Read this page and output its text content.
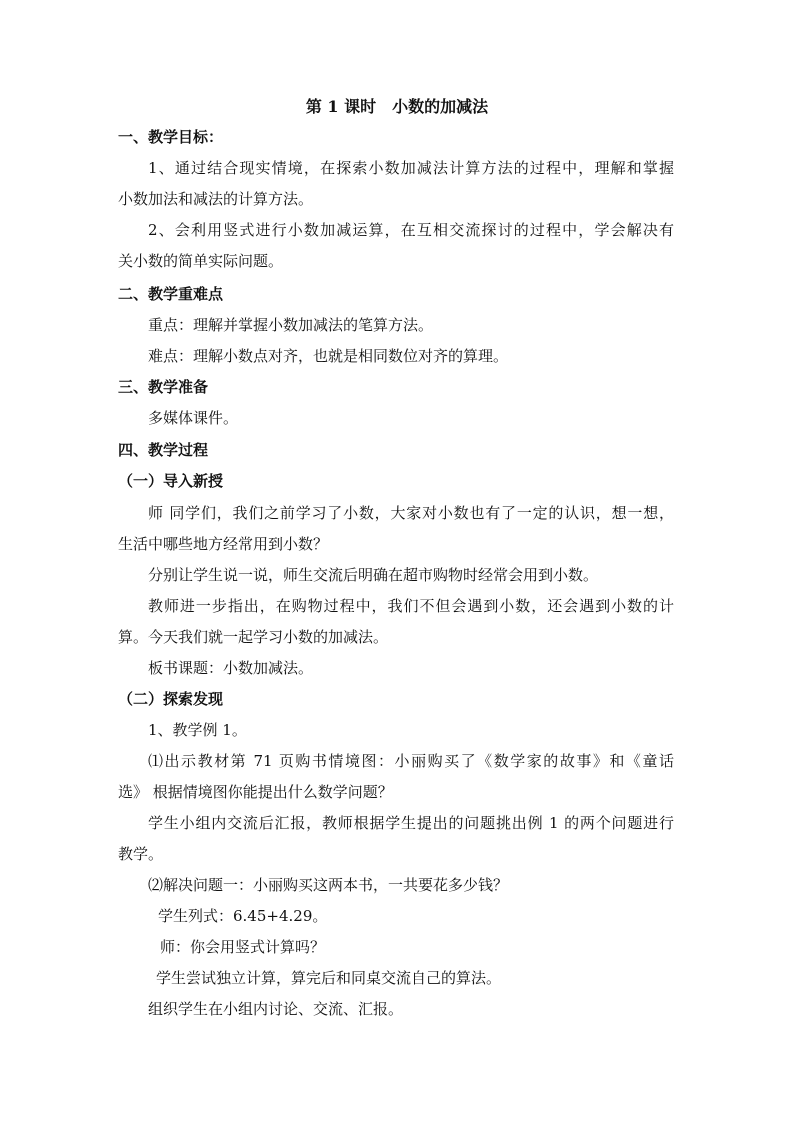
第 1 课时　小数的加减法
一、教学目标：
1、通过结合现实情境，在探索小数加减法计算方法的过程中，理解和掌握
小数加法和减法的计算方法。
2、会利用竖式进行小数加减运算，在互相交流探讨的过程中，学会解决有
关小数的简单实际问题。
二、教学重难点
重点：理解并掌握小数加减法的笔算方法。
难点：理解小数点对齐，也就是相同数位对齐的算理。
三、教学准备
多媒体课件。
四、教学过程
（一）导入新授
师 同学们，我们之前学习了小数，大家对小数也有了一定的认识，想一想，
生活中哪些地方经常用到小数？
分别让学生说一说，师生交流后明确在超市购物时经常会用到小数。
教师进一步指出，在购物过程中，我们不但会遇到小数，还会遇到小数的计
算。今天我们就一起学习小数的加减法。
板书课题：小数加减法。
（二）探索发现
1、教学例 1。
⑴出示教材第 71 页购书情境图：小丽购买了《数学家的故事》和《童话
选》 根据情境图你能提出什么数学问题？
学生小组内交流后汇报，教师根据学生提出的问题挑出例 1 的两个问题进行
教学。
⑵解决问题一：小丽购买这两本书，一共要花多少钱？
学生列式：6.45+4.29。
师：你会用竖式计算吗？
学生尝试独立计算，算完后和同桌交流自己的算法。
组织学生在小组内讨论、交流、汇报。
